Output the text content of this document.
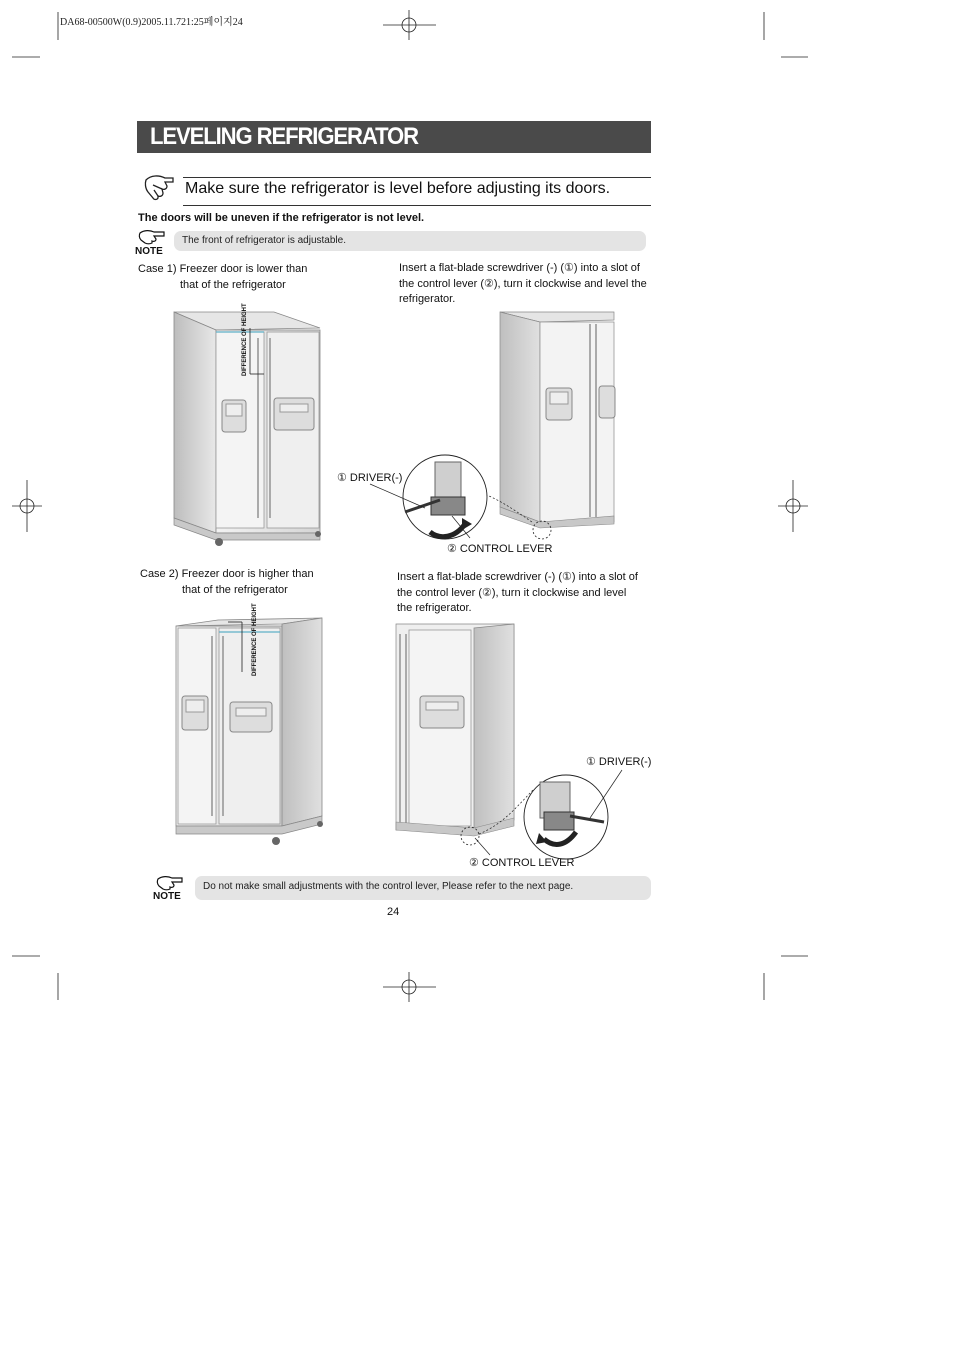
DA68-00500W(0.9)2005.11.721:25페이지24
LEVELING REFRIGERATOR
Make sure the refrigerator is level before adjusting its doors.
The doors will be uneven if the refrigerator is not level.
NOTE
The front of refrigerator is adjustable.
Case 1) Freezer door is lower than
that of the refrigerator
Insert a flat-blade screwdriver (-) (①) into a slot of
the control lever (②), turn it clockwise and level the
refrigerator.
DIFFERENCE OF HEIGHT
① DRIVER(-)
② CONTROL LEVER
Case 2) Freezer door is higher than
that of the refrigerator
Insert a flat-blade screwdriver (-) (①) into a slot of
the control lever (②), turn it clockwise and level
the refrigerator.
DIFFERENCE OF HEIGHT
① DRIVER(-)
② CONTROL LEVER
NOTE
Do not make small adjustments with the control lever, Please refer to the next page.
24
